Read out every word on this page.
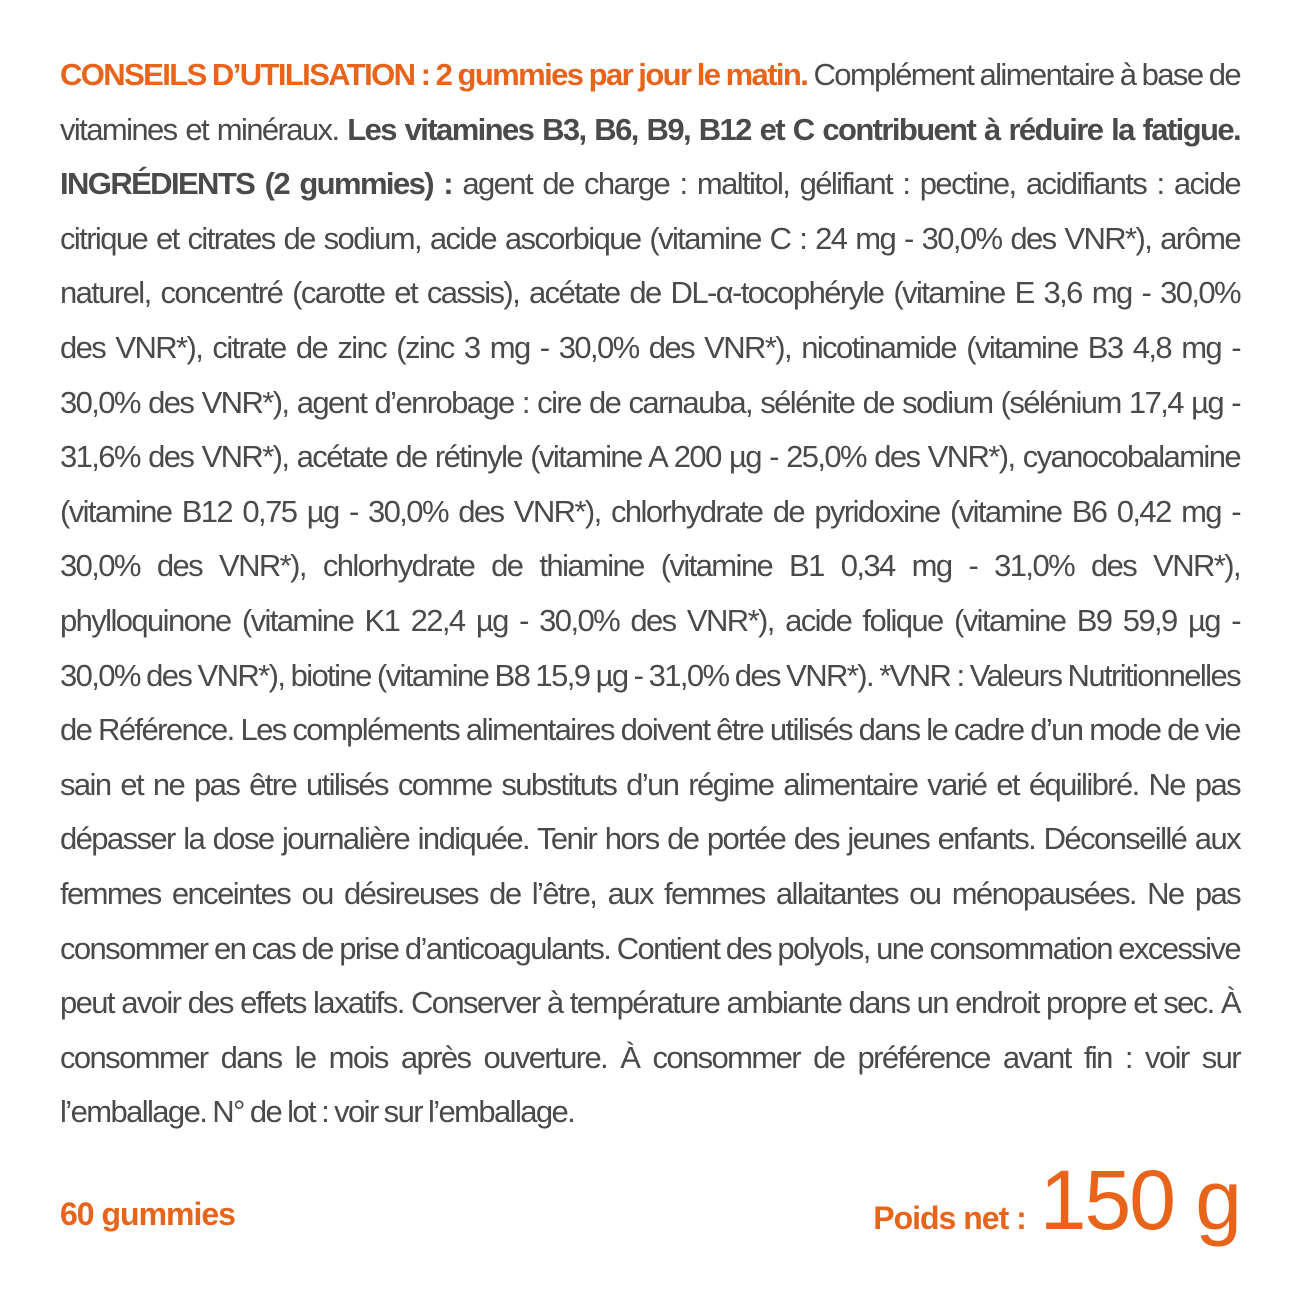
CONSEILS D’UTILISATION : 2 gummies par jour le matin. Complément alimentaire à base de vitamines et minéraux. Les vitamines B3, B6, B9, B12 et C contribuent à réduire la fatigue. INGRÉDIENTS (2 gummies) : agent de charge : maltitol, gélifiant : pectine, acidifiants : acide citrique et citrates de sodium, acide ascorbique (vitamine C : 24 mg - 30,0% des VNR*), arôme naturel, concentré (carotte et cassis), acétate de DL-α-tocophéryle (vitamine E 3,6 mg - 30,0% des VNR*), citrate de zinc (zinc 3 mg - 30,0% des VNR*), nicotinamide (vitamine B3 4,8 mg - 30,0% des VNR*), agent d’enrobage : cire de carnauba, sélénite de sodium (sélénium 17,4 µg - 31,6% des VNR*), acétate de rétinyle (vitamine A 200 µg - 25,0% des VNR*), cyanocobalamine (vitamine B12 0,75 µg - 30,0% des VNR*), chlorhydrate de pyridoxine (vitamine B6 0,42 mg - 30,0% des VNR*), chlorhydrate de thiamine (vitamine B1 0,34 mg - 31,0% des VNR*), phylloquinone (vitamine K1 22,4 µg - 30,0% des VNR*), acide folique (vitamine B9 59,9 µg - 30,0% des VNR*), biotine (vitamine B8 15,9 µg - 31,0% des VNR*). *VNR : Valeurs Nutritionnelles de Référence. Les compléments alimentaires doivent être utilisés dans le cadre d’un mode de vie sain et ne pas être utilisés comme substituts d’un régime alimentaire varié et équilibré. Ne pas dépasser la dose journalière indiquée. Tenir hors de portée des jeunes enfants. Déconseillé aux femmes enceintes ou désireuses de l’être, aux femmes allaitantes ou ménopausées. Ne pas consommer en cas de prise d’anticoagulants. Contient des polyols, une consommation excessive peut avoir des effets laxatifs. Conserver à température ambiante dans un endroit propre et sec. À consommer dans le mois après ouverture. À consommer de préférence avant fin : voir sur l’emballage. N° de lot : voir sur l’emballage.
60 gummies	Poids net : 150 g
